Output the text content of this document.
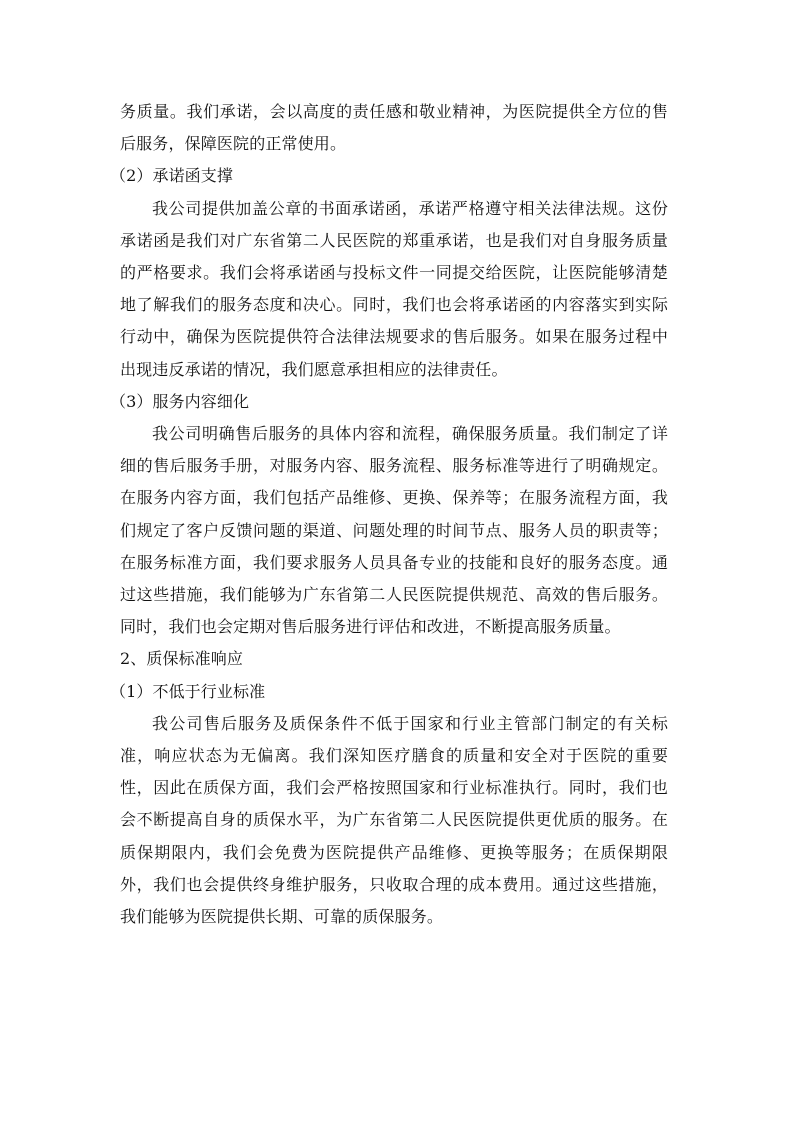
务质量。我们承诺，会以高度的责任感和敬业精神，为医院提供全方位的售后服务，保障医院的正常使用。

（2）承诺函支撑

我公司提供加盖公章的书面承诺函，承诺严格遵守相关法律法规。这份承诺函是我们对广东省第二人民医院的郑重承诺，也是我们对自身服务质量的严格要求。我们会将承诺函与投标文件一同提交给医院，让医院能够清楚地了解我们的服务态度和决心。同时，我们也会将承诺函的内容落实到实际行动中，确保为医院提供符合法律法规要求的售后服务。如果在服务过程中出现违反承诺的情况，我们愿意承担相应的法律责任。

（3）服务内容细化

我公司明确售后服务的具体内容和流程，确保服务质量。我们制定了详细的售后服务手册，对服务内容、服务流程、服务标准等进行了明确规定。在服务内容方面，我们包括产品维修、更换、保养等；在服务流程方面，我们规定了客户反馈问题的渠道、问题处理的时间节点、服务人员的职责等；在服务标准方面，我们要求服务人员具备专业的技能和良好的服务态度。通过这些措施，我们能够为广东省第二人民医院提供规范、高效的售后服务。同时，我们也会定期对售后服务进行评估和改进，不断提高服务质量。

2、质保标准响应

（1）不低于行业标准

我公司售后服务及质保条件不低于国家和行业主管部门制定的有关标准，响应状态为无偏离。我们深知医疗膳食的质量和安全对于医院的重要性，因此在质保方面，我们会严格按照国家和行业标准执行。同时，我们也会不断提高自身的质保水平，为广东省第二人民医院提供更优质的服务。在质保期限内，我们会免费为医院提供产品维修、更换等服务；在质保期限外，我们也会提供终身维护服务，只收取合理的成本费用。通过这些措施，我们能够为医院提供长期、可靠的质保服务。
